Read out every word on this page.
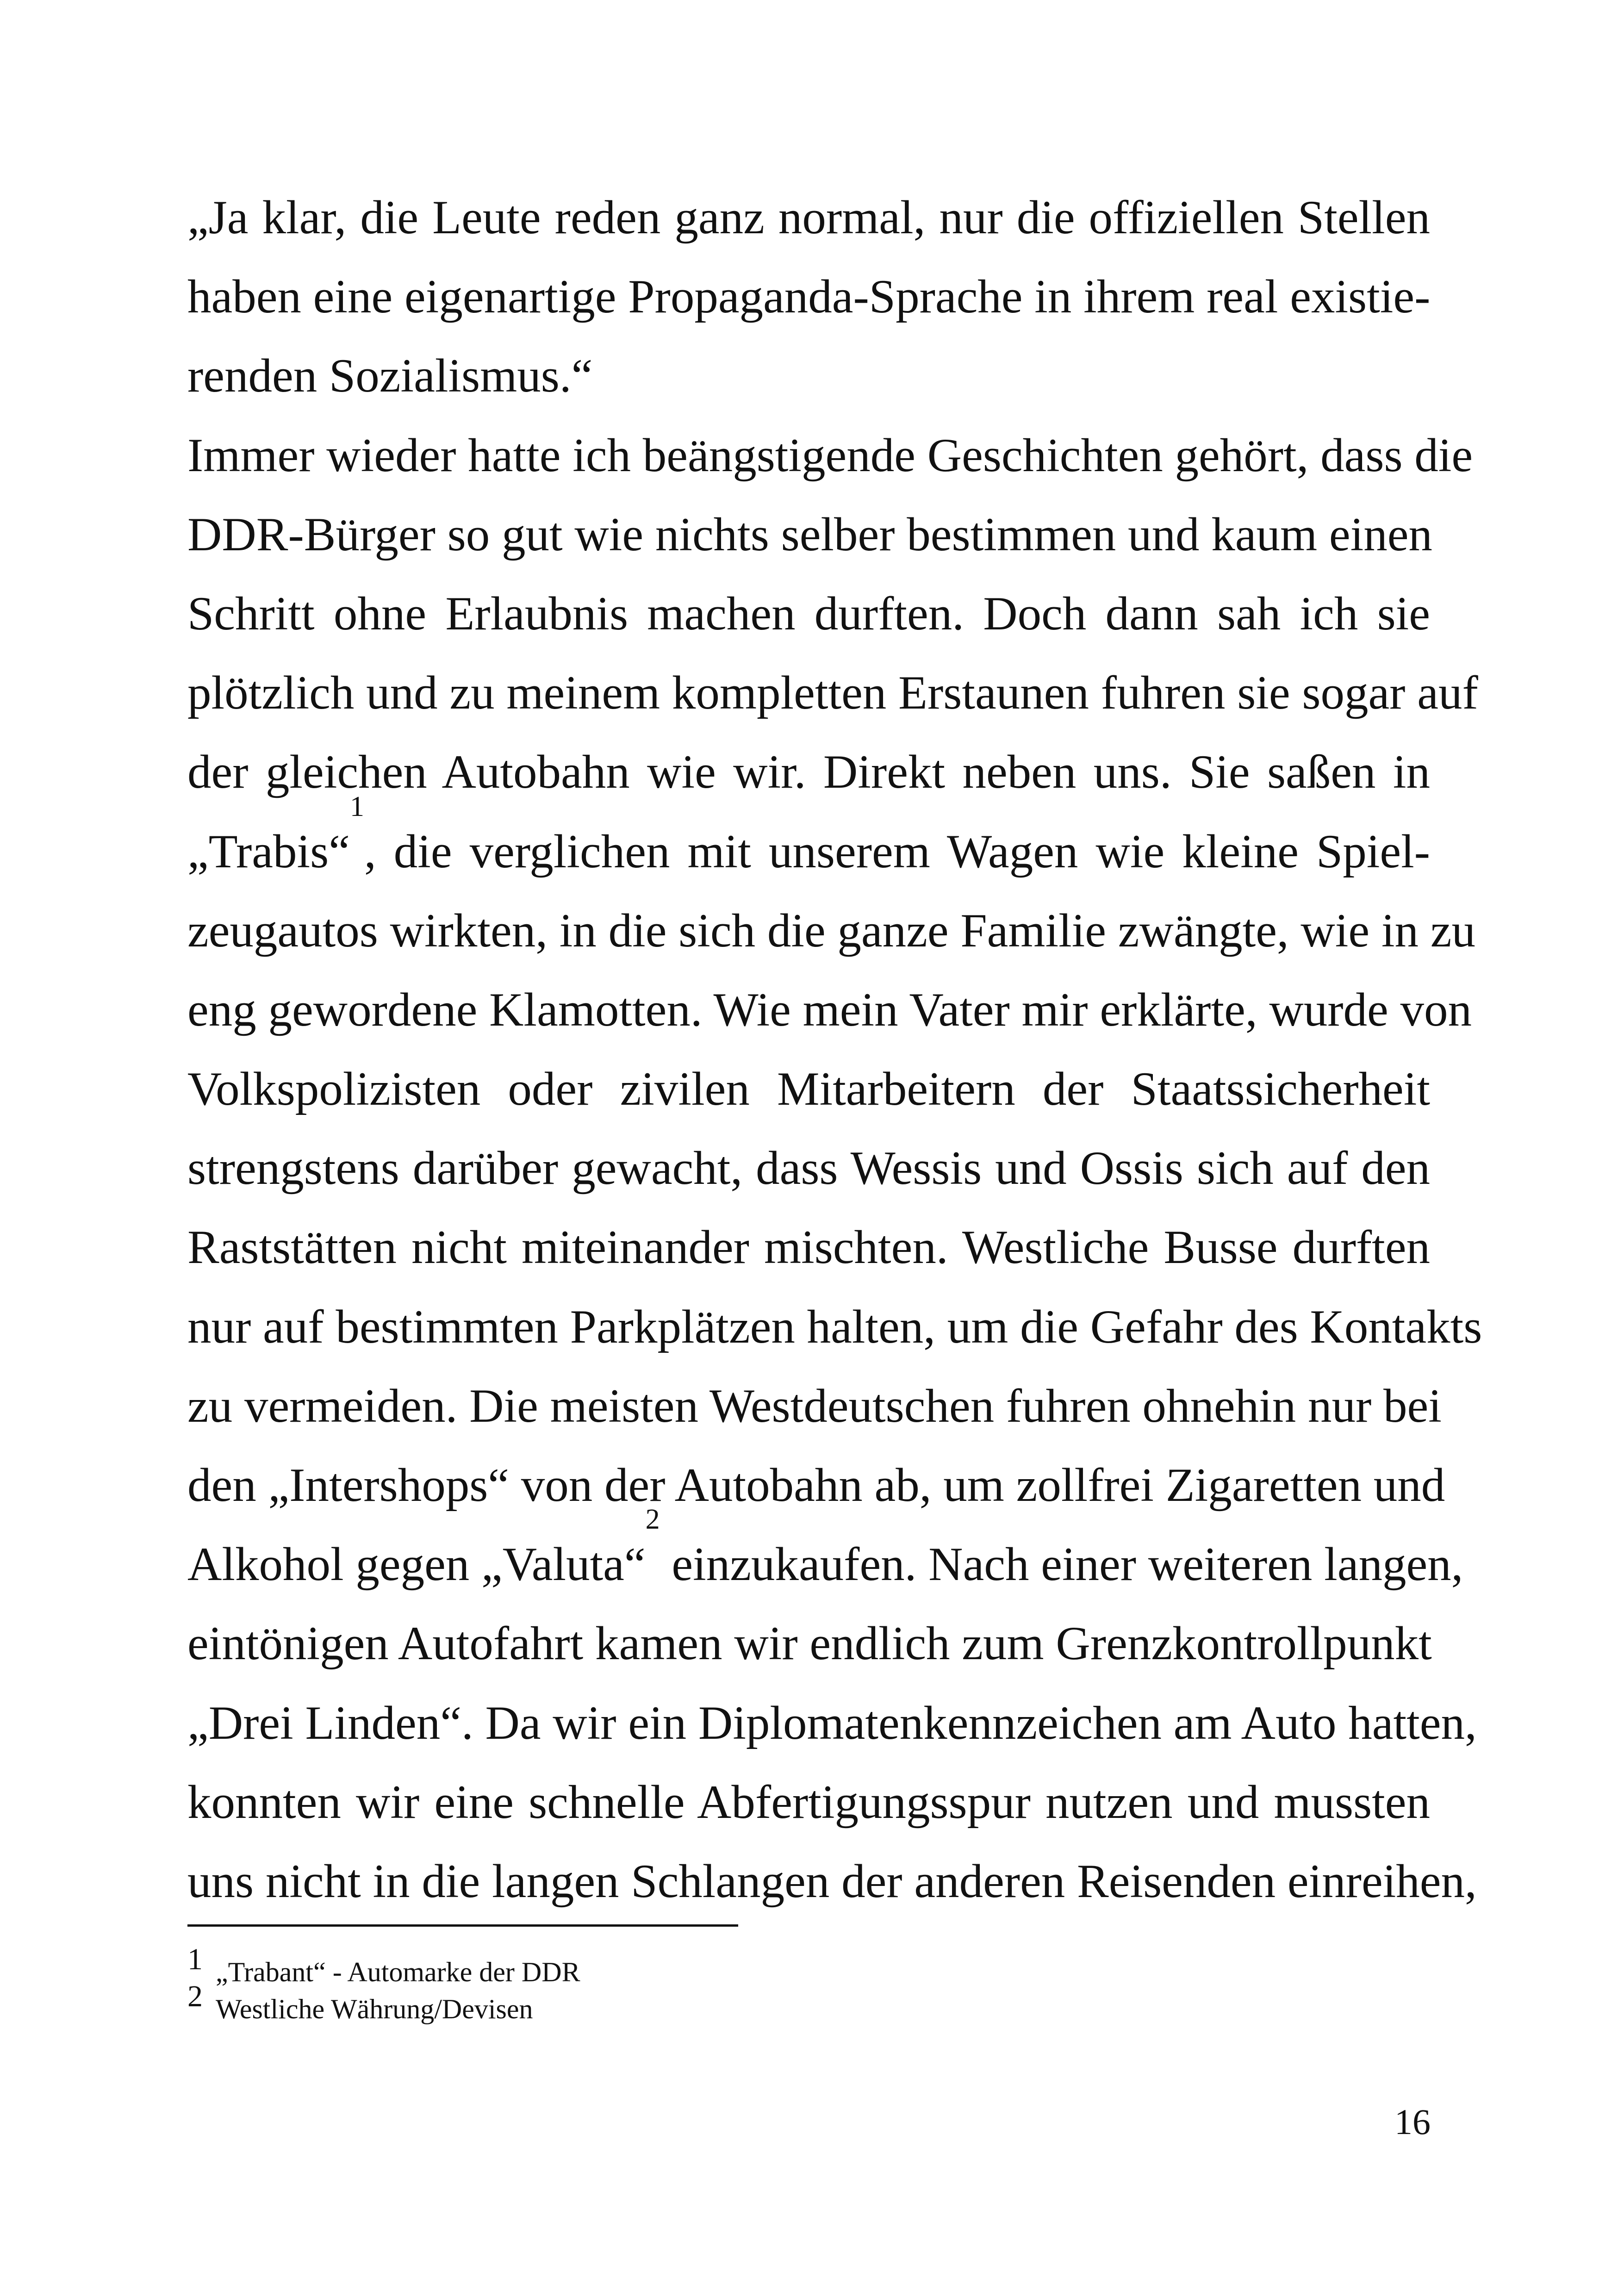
„Ja klar, die Leute reden ganz normal, nur die offiziellen Stellen
haben eine eigenartige Propaganda-Sprache in ihrem real existie-
renden Sozialismus.“
Immer wieder hatte ich beängstigende Geschichten gehört, dass die
DDR-Bürger so gut wie nichts selber bestimmen und kaum einen
Schritt ohne Erlaubnis machen durften. Doch dann sah ich sie
plötzlich und zu meinem kompletten Erstaunen fuhren sie sogar auf
der gleichen Autobahn wie wir. Direkt neben uns. Sie saßen in
„Trabis“$^1$, die verglichen mit unserem Wagen wie kleine Spiel-
zeugautos wirkten, in die sich die ganze Familie zwängte, wie in zu
eng gewordene Klamotten. Wie mein Vater mir erklärte, wurde von
Volkspolizisten oder zivilen Mitarbeitern der Staatssicherheit
strengstens darüber gewacht, dass Wessis und Ossis sich auf den
Raststätten nicht miteinander mischten. Westliche Busse durften
nur auf bestimmten Parkplätzen halten, um die Gefahr des Kontakts
zu vermeiden. Die meisten Westdeutschen fuhren ohnehin nur bei
den „Intershops“ von der Autobahn ab, um zollfrei Zigaretten und
Alkohol gegen „Valuta“$^2$ einzukaufen. Nach einer weiteren langen,
eintönigen Autofahrt kamen wir endlich zum Grenzkontrollpunkt
„Drei Linden“. Da wir ein Diplomatenkennzeichen am Auto hatten,
konnten wir eine schnelle Abfertigungsspur nutzen und mussten
uns nicht in die langen Schlangen der anderen Reisenden einreihen,
1 „Trabant“ - Automarke der DDR
2 Westliche Währung/Devisen
16
